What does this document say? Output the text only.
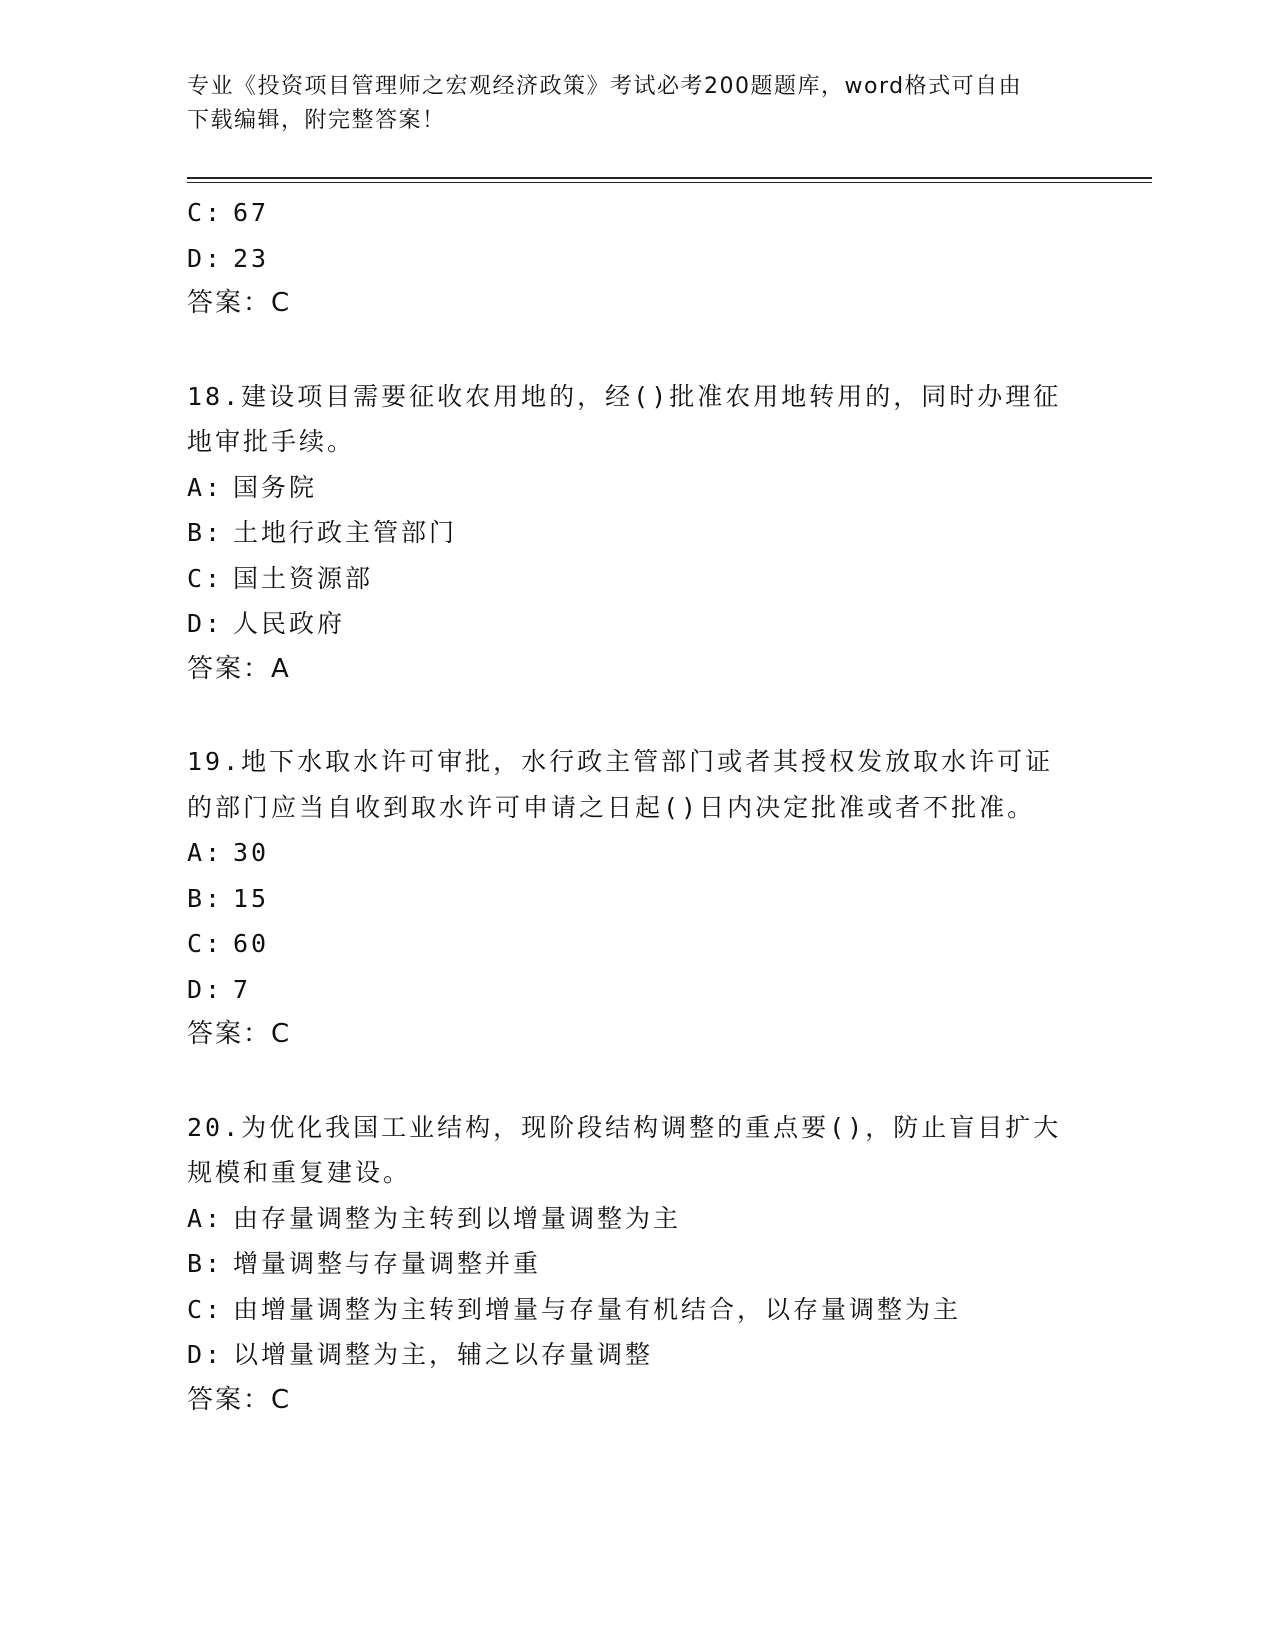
专业《投资项目管理师之宏观经济政策》考试必考200题题库，word格式可自由
下载编辑，附完整答案！
C: 67
D: 23
答案：C
18.建设项目需要征收农用地的，经()批准农用地转用的，同时办理征
地审批手续。
A: 国务院
B: 土地行政主管部门
C: 国土资源部
D: 人民政府
答案：A
19.地下水取水许可审批，水行政主管部门或者其授权发放取水许可证
的部门应当自收到取水许可申请之日起()日内决定批准或者不批准。
A: 30
B: 15
C: 60
D: 7
答案：C
20.为优化我国工业结构，现阶段结构调整的重点要()，防止盲目扩大
规模和重复建设。
A: 由存量调整为主转到以增量调整为主
B: 增量调整与存量调整并重
C: 由增量调整为主转到增量与存量有机结合，以存量调整为主
D: 以增量调整为主，辅之以存量调整
答案：C
